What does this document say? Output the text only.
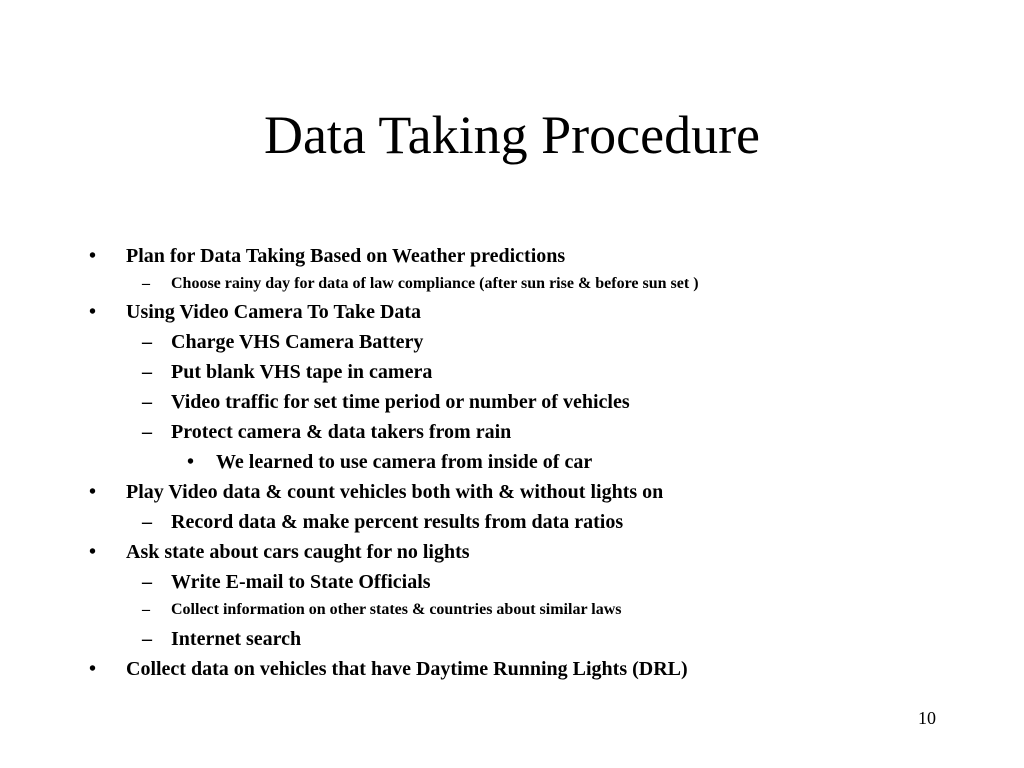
Data Taking Procedure
• Plan for Data Taking Based on Weather predictions
– Choose rainy day for data of law compliance (after sun rise & before sun set )
• Using Video Camera To Take Data
– Charge VHS Camera Battery
– Put blank VHS tape in camera
– Video traffic for set time period or number of vehicles
– Protect camera & data takers from rain
• We learned to use camera from inside of car
• Play Video data & count vehicles both with & without lights on
– Record data & make percent results from data ratios
• Ask state about cars caught for no lights
– Write E-mail to State Officials
– Collect information on other states & countries about similar laws
– Internet search
• Collect data on vehicles that have Daytime Running Lights (DRL)
10
